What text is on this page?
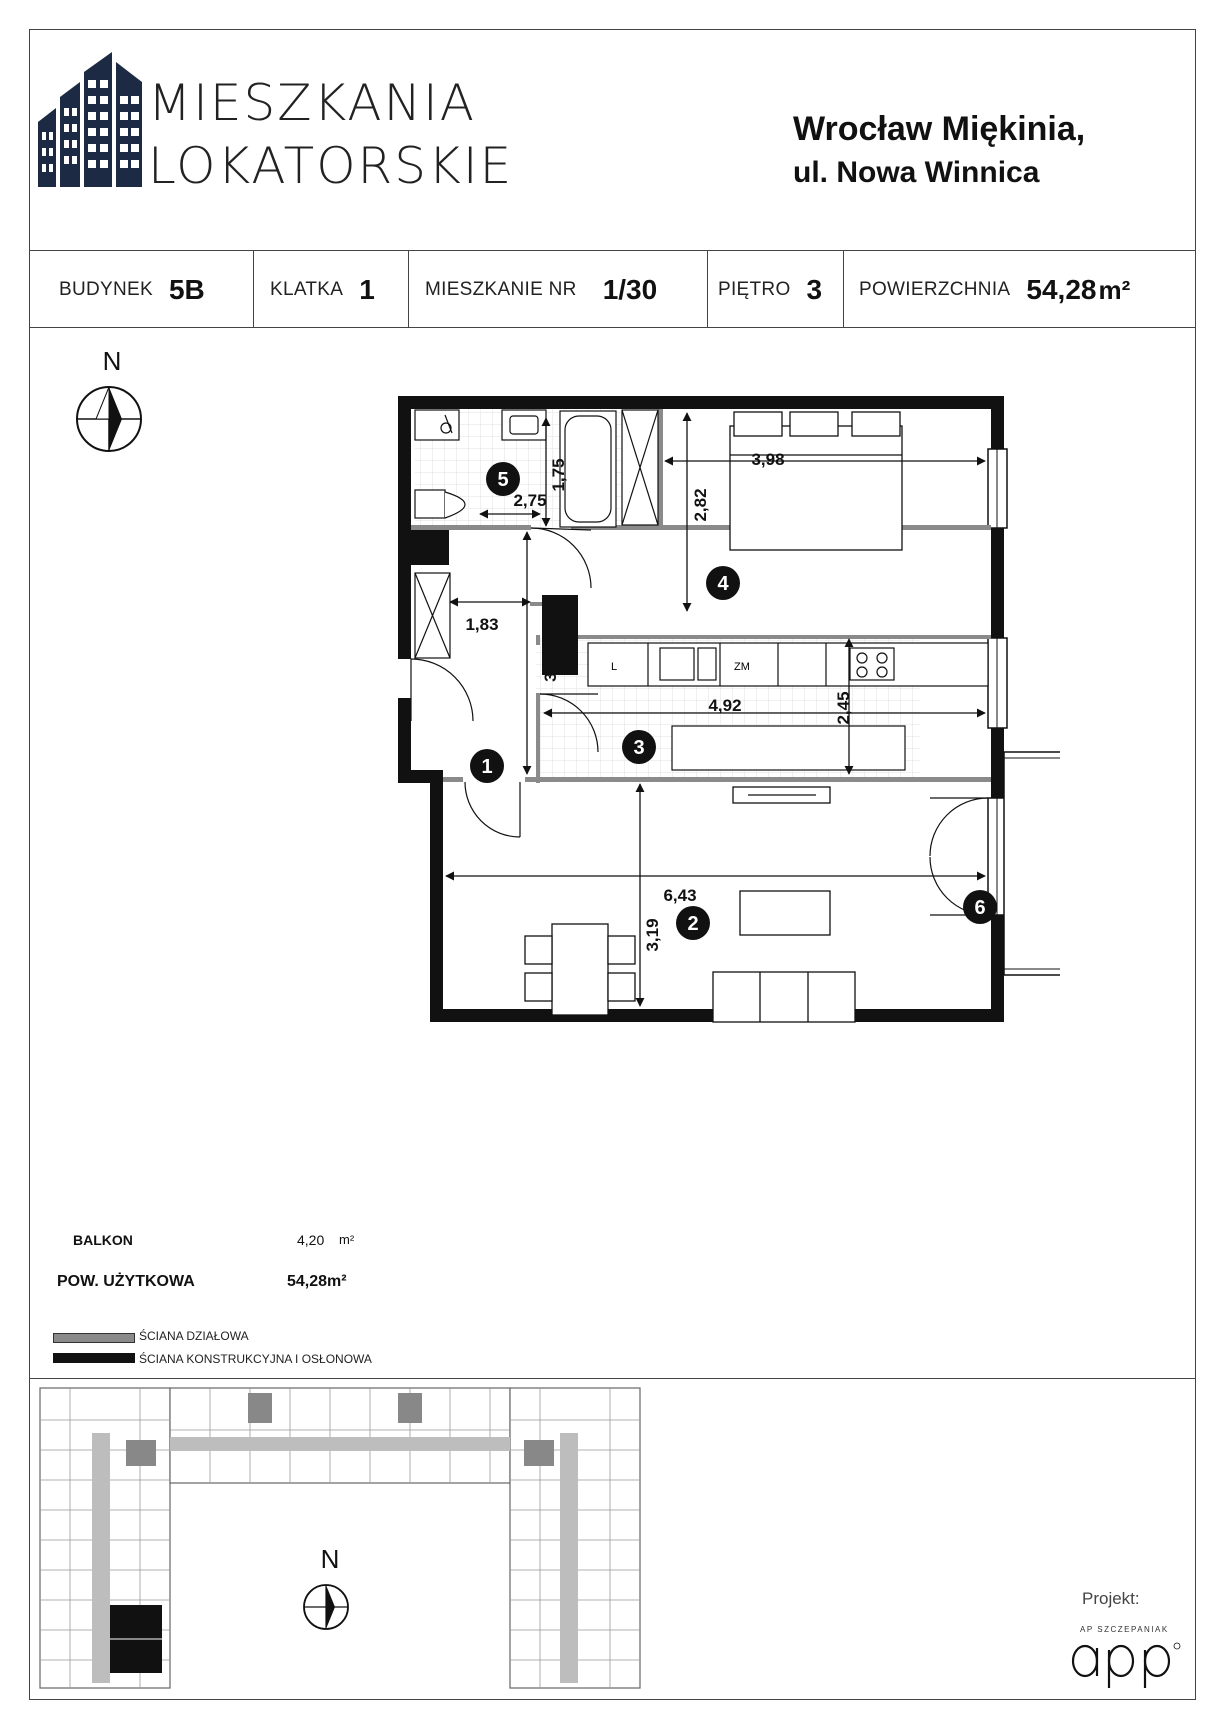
MIESZKANIA
LOKATORSKIE
Wrocław Miękinia,
ul. Nowa Winnica
BUDYNEK 5B	KLATKA 1	MIESZKANIE NR 1/30	PIĘTRO 3 POWIERZCHNIA 54,28 m²
N
L	ZM
2,75
1,75
2,82
3,98
1,83
3,6
4,92	2,45
6,43
3,19
5
4
3
1
2
6
BALKON	4,20 m²
POW. UŻYTKOWA	54,28m²
ŚCIANA DZIAŁOWA
ŚCIANA KONSTRUKCYJNA I OSŁONOWA
N
Projekt:
AP SZCZEPANIAK
